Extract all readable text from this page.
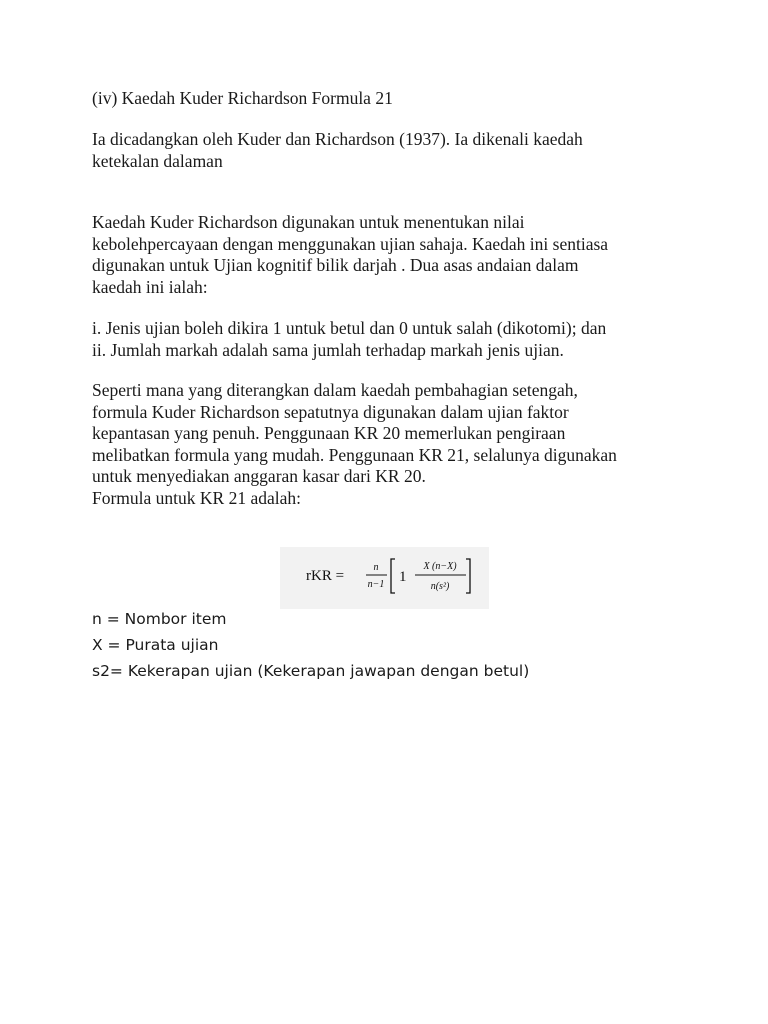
(iv) Kaedah Kuder Richardson Formula 21
Ia dicadangkan oleh Kuder dan Richardson (1937). Ia dikenali kaedah
ketekalan dalaman
Kaedah Kuder Richardson digunakan untuk menentukan nilai
kebolehpercayaan dengan menggunakan ujian sahaja. Kaedah ini sentiasa
digunakan untuk Ujian kognitif bilik darjah . Dua asas andaian dalam
kaedah ini ialah:
i. Jenis ujian boleh dikira 1 untuk betul dan 0 untuk salah (dikotomi); dan
ii. Jumlah markah adalah sama jumlah terhadap markah jenis ujian.
Seperti mana yang diterangkan dalam kaedah pembahagian setengah,
formula Kuder Richardson sepatutnya digunakan dalam ujian faktor
kepantasan yang penuh. Penggunaan KR 20 memerlukan pengiraan
melibatkan formula yang mudah. Penggunaan KR 21, selalunya digunakan
untuk menyediakan anggaran kasar dari KR 20.
Formula untuk KR 21 adalah:
rKR =
n
n−1 1
X (n−X)
n(s²)
n = Nombor item
X = Purata ujian
s2= Kekerapan ujian (Kekerapan jawapan dengan betul)
